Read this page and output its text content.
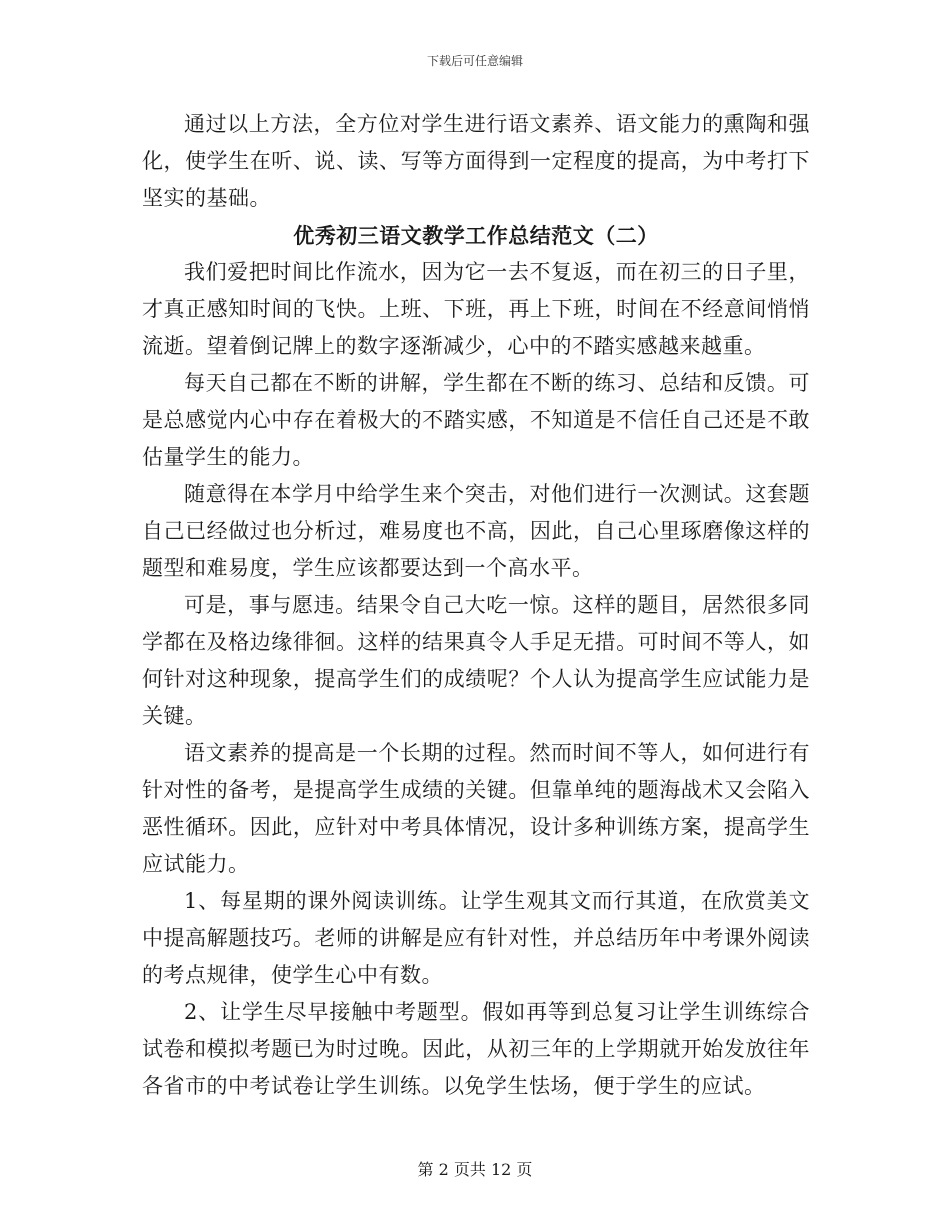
下载后可任意编辑

通过以上方法，全方位对学生进行语文素养、语文能力的熏陶和强化，使学生在听、说、读、写等方面得到一定程度的提高，为中考打下坚实的基础。

优秀初三语文教学工作总结范文（二）

我们爱把时间比作流水，因为它一去不复返，而在初三的日子里，才真正感知时间的飞快。上班、下班，再上下班，时间在不经意间悄悄流逝。望着倒记牌上的数字逐渐减少，心中的不踏实感越来越重。

每天自己都在不断的讲解，学生都在不断的练习、总结和反馈。可是总感觉内心中存在着极大的不踏实感，不知道是不信任自己还是不敢估量学生的能力。

随意得在本学月中给学生来个突击，对他们进行一次测试。这套题自己已经做过也分析过，难易度也不高，因此，自己心里琢磨像这样的题型和难易度，学生应该都要达到一个高水平。

可是，事与愿违。结果令自己大吃一惊。这样的题目，居然很多同学都在及格边缘徘徊。这样的结果真令人手足无措。可时间不等人，如何针对这种现象，提高学生们的成绩呢？个人认为提高学生应试能力是关键。

语文素养的提高是一个长期的过程。然而时间不等人，如何进行有针对性的备考，是提高学生成绩的关键。但靠单纯的题海战术又会陷入恶性循环。因此，应针对中考具体情况，设计多种训练方案，提高学生应试能力。

1、每星期的课外阅读训练。让学生观其文而行其道，在欣赏美文中提高解题技巧。老师的讲解是应有针对性，并总结历年中考课外阅读的考点规律，使学生心中有数。

2、让学生尽早接触中考题型。假如再等到总复习让学生训练综合试卷和模拟考题已为时过晚。因此，从初三年的上学期就开始发放往年各省市的中考试卷让学生训练。以免学生怯场，便于学生的应试。

第 2 页共 12 页
